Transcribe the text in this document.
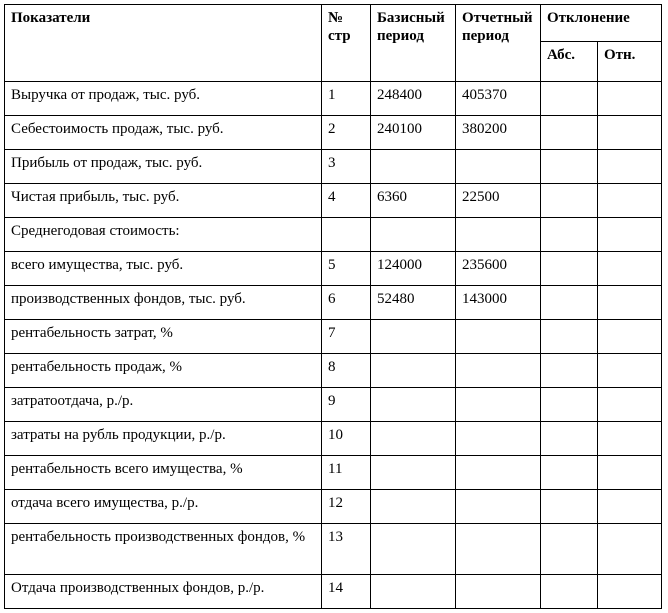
Показатели	№ стр	Базисный период	Отчетный период	Отклонение	
				Абс.	Отн.
Выручка от продаж, тыс. руб.	1	248400	405370		
Себестоимость продаж, тыс. руб.	2	240100	380200		
Прибыль от продаж, тыс. руб.	3				
Чистая прибыль, тыс. руб.	4	6360	22500		
Среднегодовая стоимость:					
всего имущества, тыс. руб.	5	124000	235600		
производственных фондов, тыс. руб.	6	52480	143000		
рентабельность затрат, %	7				
рентабельность продаж, %	8				
затратоотдача, р./р.	9				
затраты на рубль продукции, р./р.	10				
рентабельность всего имущества, %	11				
отдача всего имущества, р./р.	12				
рентабельность производственных фондов, %	13				
Отдача производственных фондов, р./р.	14				
